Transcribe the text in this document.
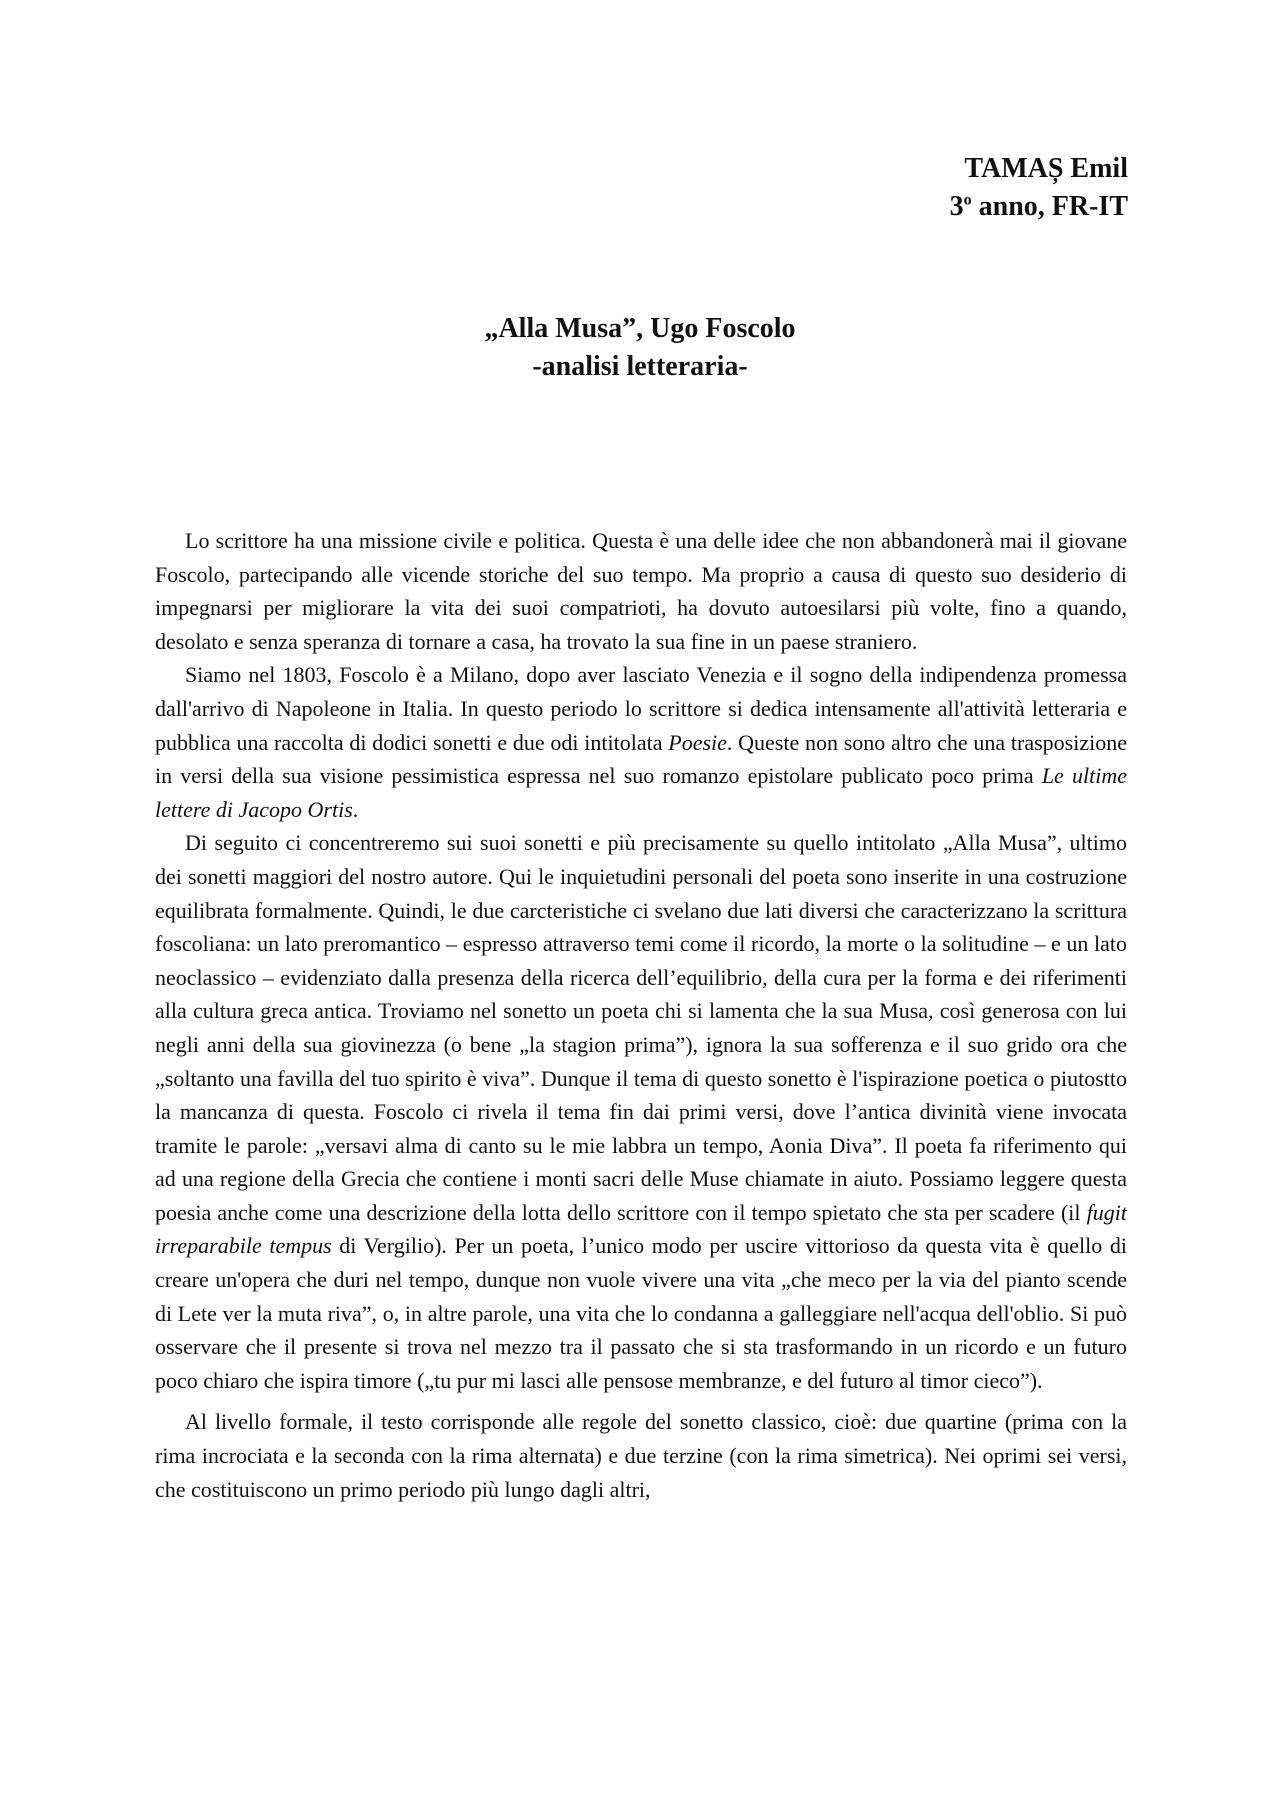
TAMAȘ Emil
3$^o$ anno, FR-IT
„Alla Musa”, Ugo Foscolo
-analisi letteraria-

Lo scrittore ha una missione civile e politica. Questa è una delle idee che non abbandonerà mai il giovane Foscolo, partecipando alle vicende storiche del suo tempo. Ma proprio a causa di questo suo desiderio di impegnarsi per migliorare la vita dei suoi compatrioti, ha dovuto autoesilarsi più volte, fino a quando, desolato e senza speranza di tornare a casa, ha trovato la sua fine in un paese straniero.

Siamo nel 1803, Foscolo è a Milano, dopo aver lasciato Venezia e il sogno della indipendenza promessa dall'arrivo di Napoleone in Italia. In questo periodo lo scrittore si dedica intensamente all'attività letteraria e pubblica una raccolta di dodici sonetti e due odi intitolata Poesie. Queste non sono altro che una trasposizione in versi della sua visione pessimistica espressa nel suo romanzo epistolare publicato poco prima Le ultime lettere di Jacopo Ortis.

Di seguito ci concentreremo sui suoi sonetti e più precisamente su quello intitolato „Alla Musa”, ultimo dei sonetti maggiori del nostro autore. Qui le inquietudini personali del poeta sono inserite in una costruzione equilibrata formalmente. Quindi, le due carcteristiche ci svelano due lati diversi che caracterizzano la scrittura foscoliana: un lato preromantico – espresso attraverso temi come il ricordo, la morte o la solitudine – e un lato neoclassico – evidenziato dalla presenza della ricerca dell’equilibrio, della cura per la forma e dei riferimenti alla cultura greca antica. Troviamo nel sonetto un poeta chi si lamenta che la sua Musa, così generosa con lui negli anni della sua giovinezza (o bene „la stagion prima”), ignora la sua sofferenza e il suo grido ora che „soltanto una favilla del tuo spirito è viva”. Dunque il tema di questo sonetto è l'ispirazione poetica o piutostto la mancanza di questa. Foscolo ci rivela il tema fin dai primi versi, dove l’antica divinità viene invocata tramite le parole: „versavi alma di canto su le mie labbra un tempo, Aonia Diva”. Il poeta fa riferimento qui ad una regione della Grecia che contiene i monti sacri delle Muse chiamate in aiuto. Possiamo leggere questa poesia anche come una descrizione della lotta dello scrittore con il tempo spietato che sta per scadere (il fugit irreparabile tempus di Vergilio). Per un poeta, l’unico modo per uscire vittorioso da questa vita è quello di creare un'opera che duri nel tempo, dunque non vuole vivere una vita „che meco per la via del pianto scende di Lete ver la muta riva”, o, in altre parole, una vita che lo condanna a galleggiare nell'acqua dell'oblio. Si può osservare che il presente si trova nel mezzo tra il passato che si sta trasformando in un ricordo e un futuro poco chiaro che ispira timore („tu pur mi lasci alle pensose membranze, e del futuro al timor cieco”).

Al livello formale, il testo corrisponde alle regole del sonetto classico, cioè: due quartine (prima con la rima incrociata e la seconda con la rima alternata) e due terzine (con la rima simetrica). Nei oprimi sei versi, che costituiscono un primo periodo più lungo dagli altri,
